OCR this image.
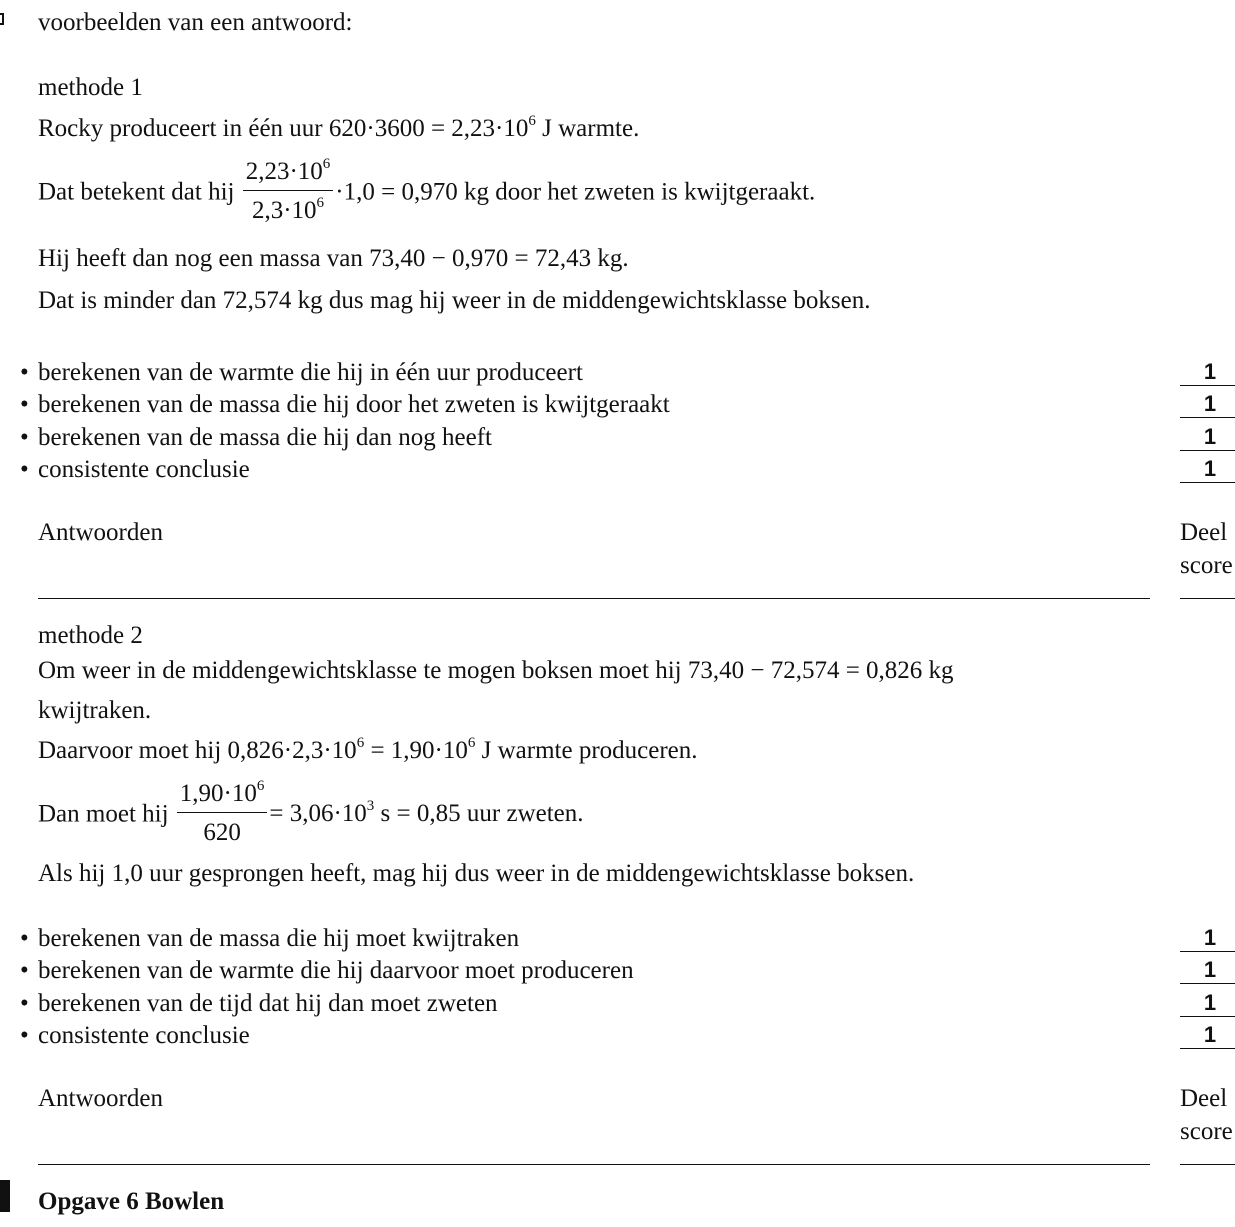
voorbeelden van een antwoord:
methode 1
Rocky produceert in één uur $620\cdot 3600 = 2,23\cdot 10^6$ J warmte.
Dat betekent dat hij $\frac{2,23\cdot 10^6}{2,3\cdot 10^6} \cdot 1,0 = 0,970$ kg door het zweten is kwijtgeraakt.
Hij heeft dan nog een massa van 73,40 − 0,970 = 72,43 kg.
Dat is minder dan 72,574 kg dus mag hij weer in de middengewichtsklasse boksen.
• berekenen van de warmte die hij in één uur produceert	1
• berekenen van de massa die hij door het zweten is kwijtgeraakt	1
• berekenen van de massa die hij dan nog heeft	1
• consistente conclusie	1
Antwoorden	Deel
score
methode 2
Om weer in de middengewichtsklasse te mogen boksen moet hij 73,40 − 72,574 = 0,826 kg
kwijtraken.
Daarvoor moet hij $0,826\cdot 2,3\cdot 10^6 = 1,90\cdot 10^6$ J warmte produceren.
Dan moet hij $\frac{1,90\cdot 10^6}{620} = 3,06\cdot 10^3$ s = 0,85 uur zweten.
Als hij 1,0 uur gesprongen heeft, mag hij dus weer in de middengewichtsklasse boksen.
• berekenen van de massa die hij moet kwijtraken	1
• berekenen van de warmte die hij daarvoor moet produceren	1
• berekenen van de tijd dat hij dan moet zweten	1
• consistente conclusie	1
Antwoorden	Deel
score
Opgave 6 Bowlen
